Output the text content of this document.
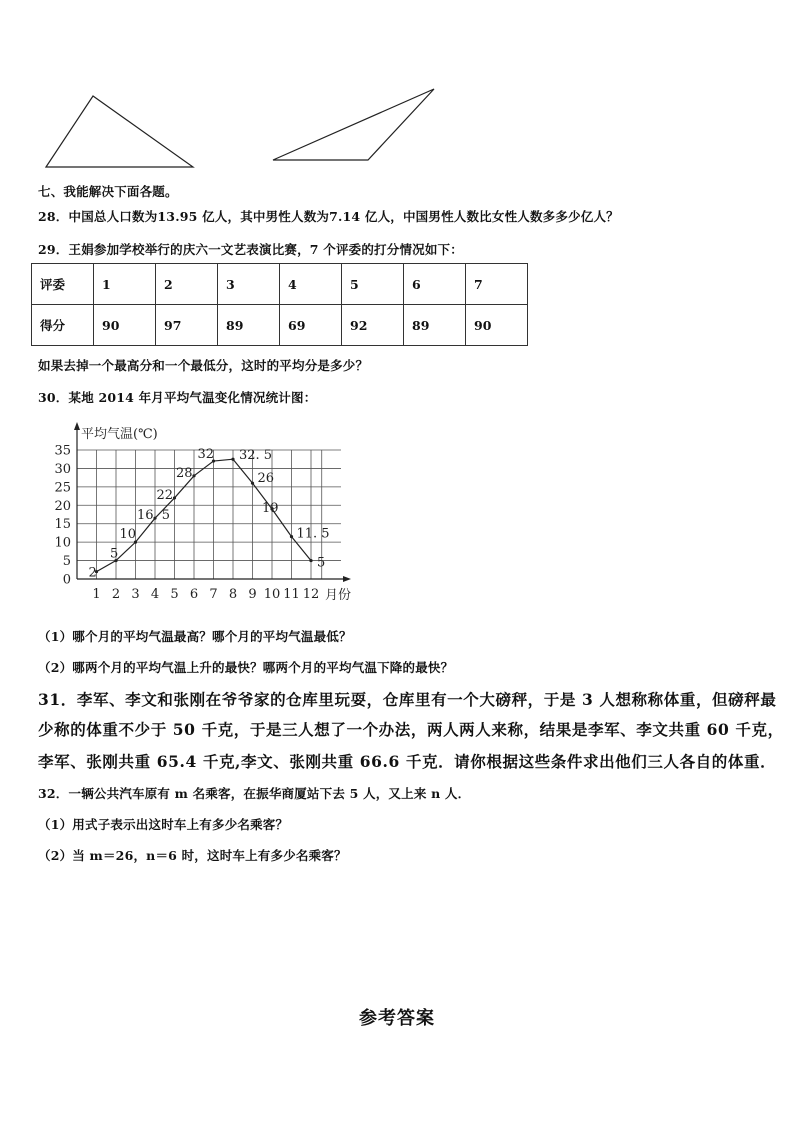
七、我能解决下面各题。
28．中国总人口数为13.95 亿人，其中男性人数为7.14 亿人，中国男性人数比女性人数多多少亿人？
29．王娟参加学校举行的庆六一文艺表演比赛，7 个评委的打分情况如下：
评委	1	2	3	4	5	6	7
得分	90	97	89	69	92	89	90
如果去掉一个最高分和一个最低分，这时的平均分是多少？
30．某地 2014 年月平均气温变化情况统计图：
0
5
10
15
20
25
30
35
1 2 3 4 5 6 7 8 9 10 11 12
2
5
10
16. 5
22
28
32 32. 5
26
19
11. 5
5
平均气温(℃)
月份
（1）哪个月的平均气温最高？哪个月的平均气温最低？
（2）哪两个月的平均气温上升的最快？哪两个月的平均气温下降的最快？
31．李军、李文和张刚在爷爷家的仓库里玩耍，仓库里有一个大磅秤，于是 3 人想称称体重，但磅秤最
少称的体重不少于 50 千克，于是三人想了一个办法，两人两人来称，结果是李军、李文共重 60 千克，
李军、张刚共重 65.4 千克,李文、张刚共重 66.6 千克．请你根据这些条件求出他们三人各自的体重．
32．一辆公共汽车原有 m 名乘客，在振华商厦站下去 5 人，又上来 n 人．
（1）用式子表示出这时车上有多少名乘客？
（2）当 m＝26，n＝6 时，这时车上有多少名乘客？
参考答案
